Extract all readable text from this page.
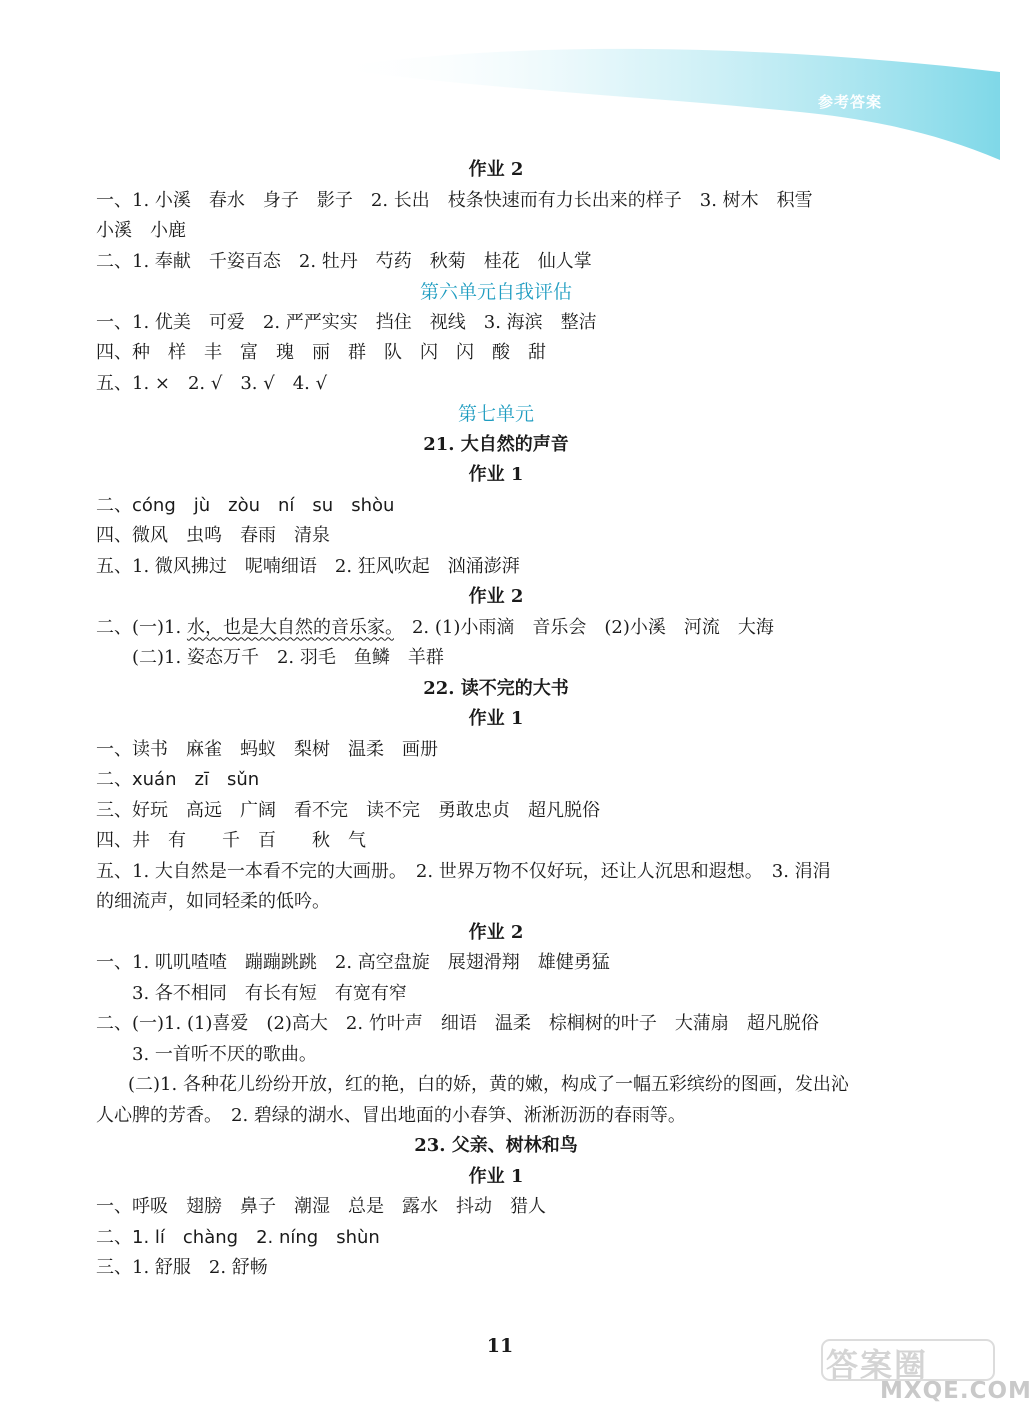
参考答案
作业 2
一、1. 小溪　春水　身子　影子　2. 长出　枝条快速而有力长出来的样子　3. 树木　积雪
小溪　小鹿
二、1. 奉献　千姿百态　2. 牡丹　芍药　秋菊　桂花　仙人掌
第六单元自我评估
一、1. 优美　可爱　2. 严严实实　挡住　视线　3. 海滨　整洁
四、种　样　丰　富　瑰　丽　群　队　闪　闪　酸　甜
五、1. ×　2. √　3. √　4. √
第七单元
21. 大自然的声音
作业 1
二、cóng　jù　zòu　ní　su　shòu
四、微风　虫鸣　春雨　清泉
五、1. 微风拂过　呢喃细语　2. 狂风吹起　汹涌澎湃
作业 2
二、(一)1. 水，也是大自然的音乐家。　2. (1)小雨滴　音乐会　(2)小溪　河流　大海
(二)1. 姿态万千　2. 羽毛　鱼鳞　羊群
22. 读不完的大书
作业 1
一、读书　麻雀　蚂蚁　梨树　温柔　画册
二、xuán　zī　sǔn
三、好玩　高远　广阔　看不完　读不完　勇敢忠贞　超凡脱俗
四、井　有　　千　百　　秋　气
五、1. 大自然是一本看不完的大画册。　2. 世界万物不仅好玩，还让人沉思和遐想。　3. 涓涓
的细流声，如同轻柔的低吟。
作业 2
一、1. 叽叽喳喳　蹦蹦跳跳　2. 高空盘旋　展翅滑翔　雄健勇猛
3. 各不相同　有长有短　有宽有窄
二、(一)1. (1)喜爱　(2)高大　2. 竹叶声　细语　温柔　棕榈树的叶子　大蒲扇　超凡脱俗
3. 一首听不厌的歌曲。
(二)1. 各种花儿纷纷开放，红的艳，白的娇，黄的嫩，构成了一幅五彩缤纷的图画，发出沁
人心脾的芳香。　2. 碧绿的湖水、冒出地面的小春笋、淅淅沥沥的春雨等。
23. 父亲、树林和鸟
作业 1
一、呼吸　翅膀　鼻子　潮湿　总是　露水　抖动　猎人
二、1. lí　chàng　2. níng　shùn
三、1. 舒服　2. 舒畅
11	答案圈
MXQE.COM
